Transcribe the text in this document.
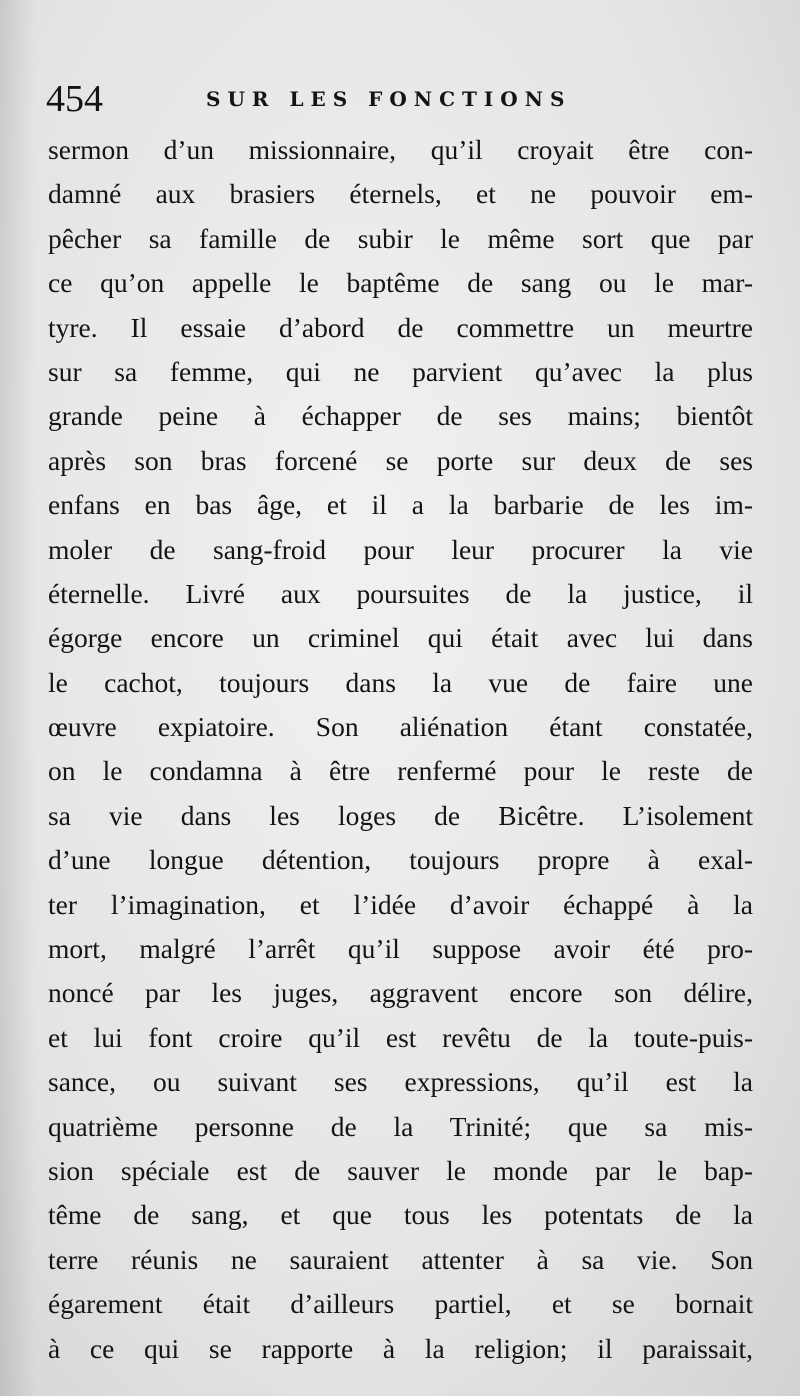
454	SUR LES FONCTIONS
sermon d’un missionnaire, qu’il croyait être con-
damné aux brasiers éternels, et ne pouvoir em-
pêcher sa famille de subir le même sort que par
ce qu’on appelle le baptême de sang ou le mar-
tyre. Il essaie d’abord de commettre un meurtre
sur sa femme, qui ne parvient qu’avec la plus
grande peine à échapper de ses mains; bientôt
après son bras forcené se porte sur deux de ses
enfans en bas âge, et il a la barbarie de les im-
moler de sang-froid pour leur procurer la vie
éternelle. Livré aux poursuites de la justice, il
égorge encore un criminel qui était avec lui dans
le cachot, toujours dans la vue de faire une
œuvre expiatoire. Son aliénation étant constatée,
on le condamna à être renfermé pour le reste de
sa vie dans les loges de Bicêtre. L’isolement
d’une longue détention, toujours propre à exal-
ter l’imagination, et l’idée d’avoir échappé à la
mort, malgré l’arrêt qu’il suppose avoir été pro-
noncé par les juges, aggravent encore son délire,
et lui font croire qu’il est revêtu de la toute-puis-
sance, ou suivant ses expressions, qu’il est la
quatrième personne de la Trinité; que sa mis-
sion spéciale est de sauver le monde par le bap-
tême de sang, et que tous les potentats de la
terre réunis ne sauraient attenter à sa vie. Son
égarement était d’ailleurs partiel, et se bornait
à ce qui se rapporte à la religion; il paraissait,
